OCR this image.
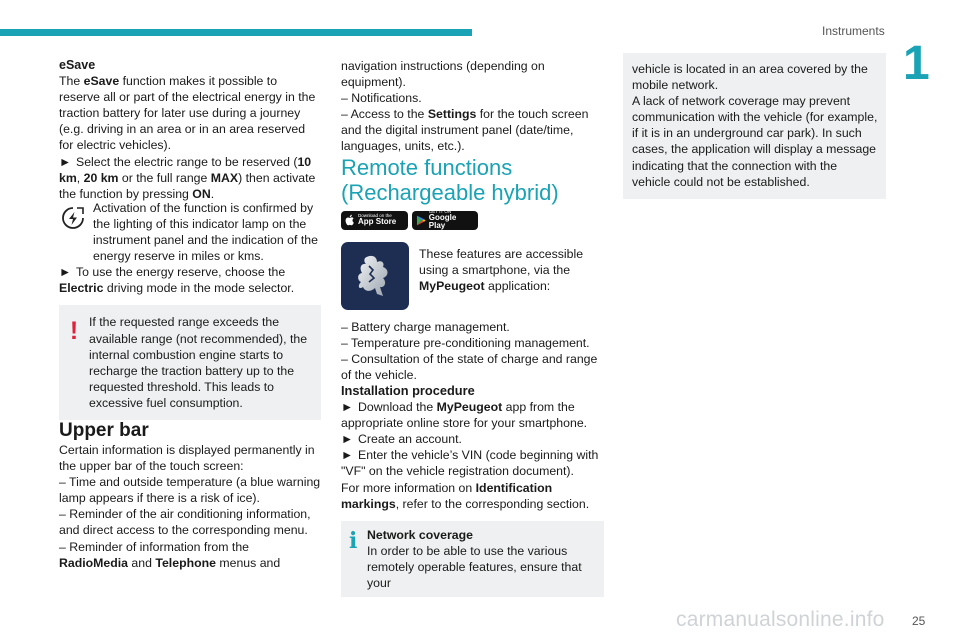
Instruments
1

eSave

The eSave function makes it possible to reserve all or part of the electrical energy in the traction battery for later use during a journey (e.g. driving in an area or in an area reserved for electric vehicles).

► Select the electric range to be reserved (10 km, 20 km or the full range MAX) then activate the function by pressing ON.

Activation of the function is confirmed by the lighting of this indicator lamp on the instrument panel and the indication of the energy reserve in miles or kms.

► To use the energy reserve, choose the Electric driving mode in the mode selector.

! If the requested range exceeds the available range (not recommended), the internal combustion engine starts to recharge the traction battery up to the requested threshold. This leads to excessive fuel consumption.

Upper bar

Certain information is displayed permanently in the upper bar of the touch screen:

– Time and outside temperature (a blue warning lamp appears if there is a risk of ice).

– Reminder of the air conditioning information, and direct access to the corresponding menu.

– Reminder of information from the RadioMedia and Telephone menus and

navigation instructions (depending on equipment).

– Notifications.

– Access to the Settings for the touch screen and the digital instrument panel (date/time, languages, units, etc.).

Remote functions
(Rechargeable hybrid)

Download on the
App Store
GET IT ON
Google Play

These features are accessible using a smartphone, via the MyPeugeot application:

– Battery charge management.

– Temperature pre-conditioning management.

– Consultation of the state of charge and range of the vehicle.

Installation procedure

► Download the MyPeugeot app from the appropriate online store for your smartphone.

► Create an account.

► Enter the vehicle’s VIN (code beginning with "VF" on the vehicle registration document).

For more information on Identification markings, refer to the corresponding section.

i Network coverage

In order to be able to use the various remotely operable features, ensure that your

vehicle is located in an area covered by the mobile network.

A lack of network coverage may prevent communication with the vehicle (for example, if it is in an underground car park). In such cases, the application will display a message indicating that the connection with the vehicle could not be established.

carmanualsonline.info 25
